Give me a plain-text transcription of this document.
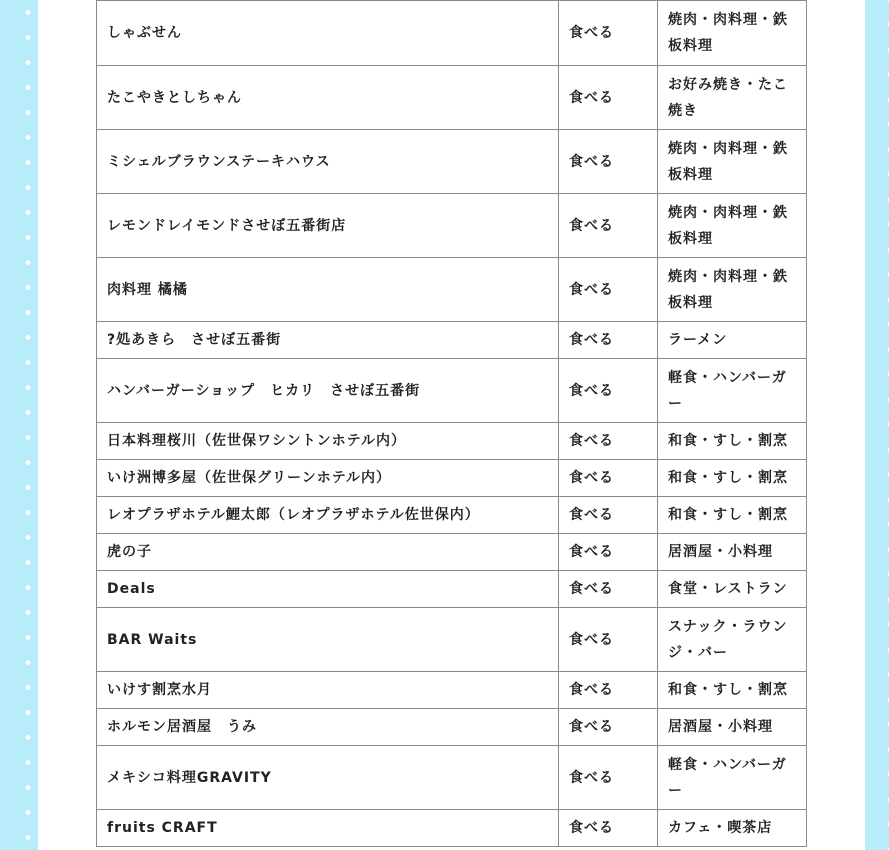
しゃぶせん	食べる	焼肉・肉料理・鉄板料理
たこやきとしちゃん	食べる	お好み焼き・たこ焼き
ミシェルブラウンステーキハウス	食べる	焼肉・肉料理・鉄板料理
レモンドレイモンドさせぼ五番街店	食べる	焼肉・肉料理・鉄板料理
肉料理 橘橘	食べる	焼肉・肉料理・鉄板料理
?処あきら　させぼ五番街	食べる	ラーメン
ハンバーガーショップ　ヒカリ　させぼ五番街	食べる	軽食・ハンバーガー
日本料理桜川（佐世保ワシントンホテル内）	食べる	和食・すし・割烹
いけ洲博多屋（佐世保グリーンホテル内）	食べる	和食・すし・割烹
レオプラザホテル鯉太郎（レオプラザホテル佐世保内）	食べる	和食・すし・割烹
虎の子	食べる	居酒屋・小料理
Deals	食べる	食堂・レストラン
BAR Waits	食べる	スナック・ラウンジ・バー
いけす割烹水月	食べる	和食・すし・割烹
ホルモン居酒屋　うみ	食べる	居酒屋・小料理
メキシコ料理GRAVITY	食べる	軽食・ハンバーガー
fruits CRAFT	食べる	カフェ・喫茶店
